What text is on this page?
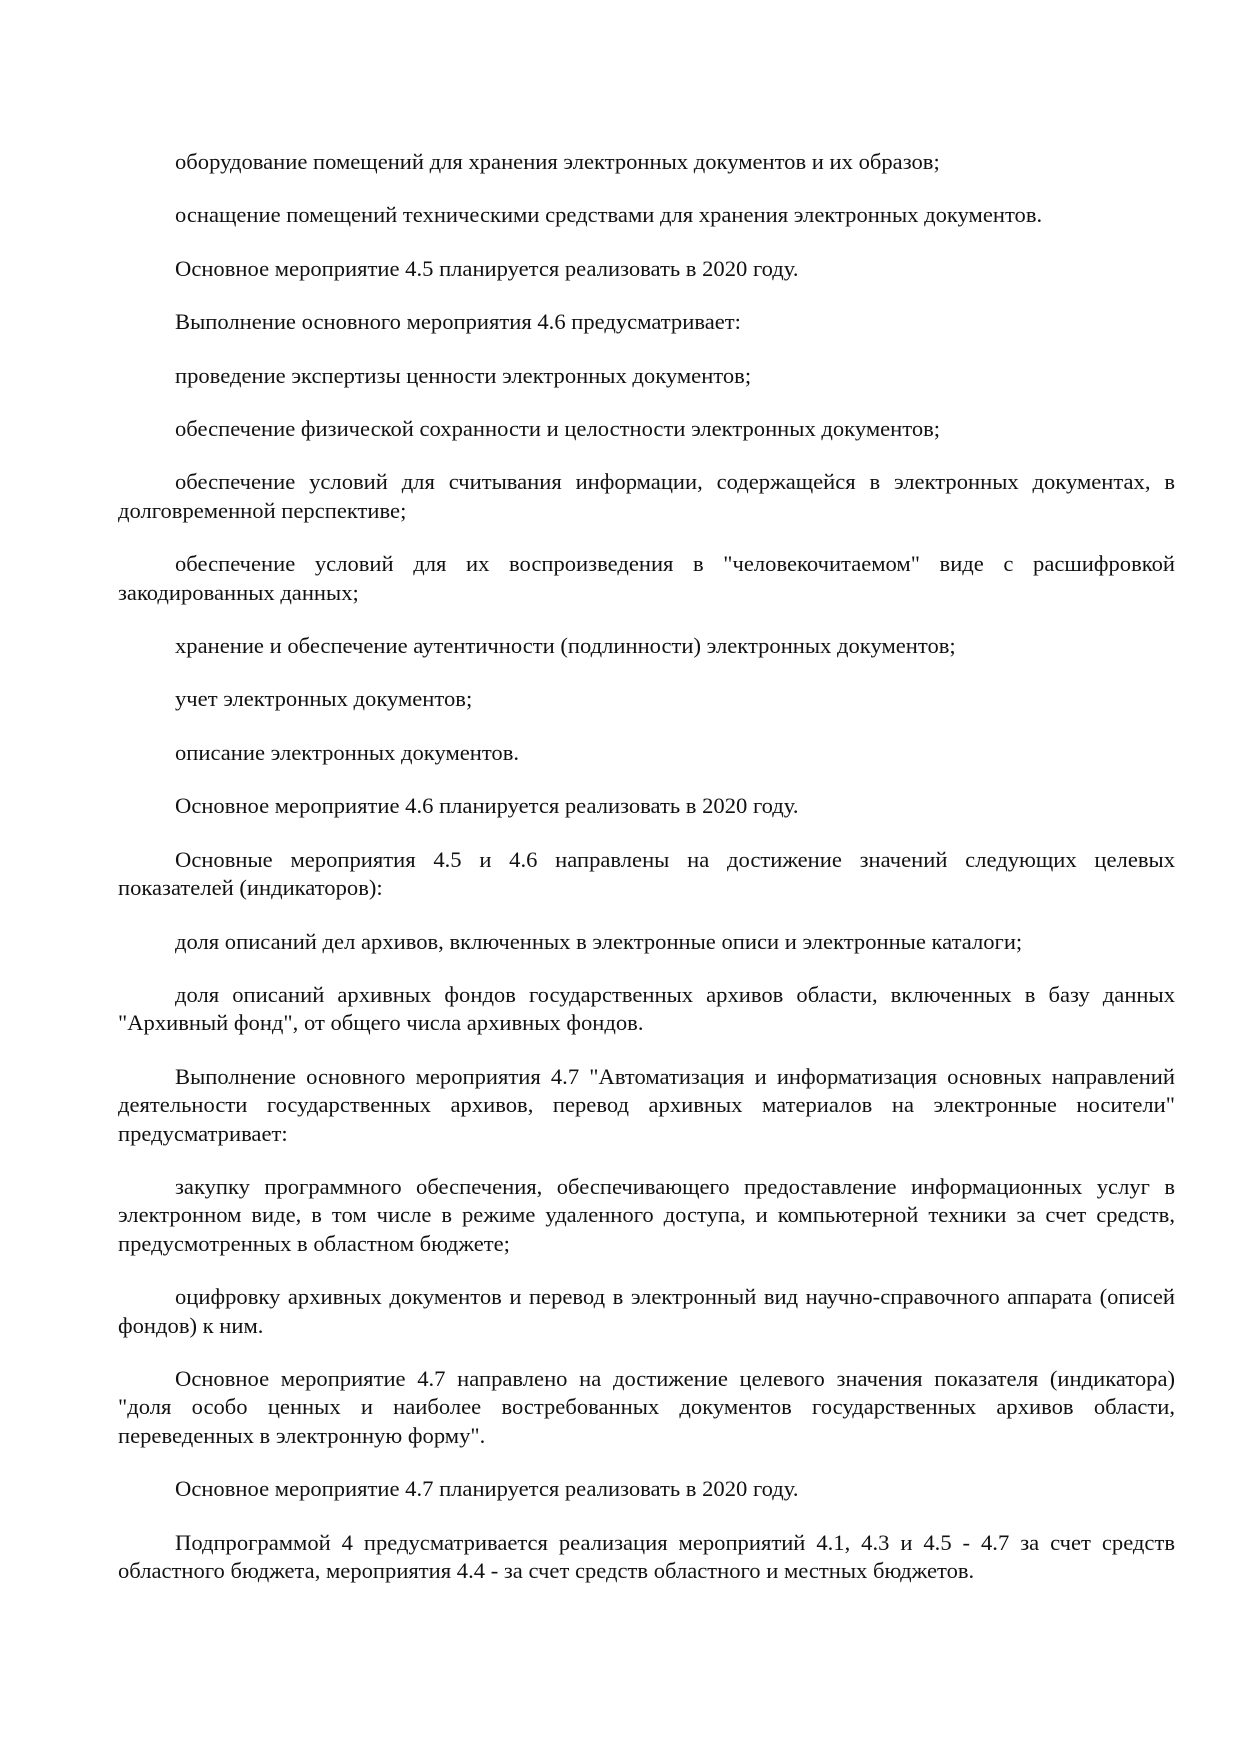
оборудование помещений для хранения электронных документов и их образов;

оснащение помещений техническими средствами для хранения электронных документов.

Основное мероприятие 4.5 планируется реализовать в 2020 году.

Выполнение основного мероприятия 4.6 предусматривает:

проведение экспертизы ценности электронных документов;

обеспечение физической сохранности и целостности электронных документов;

обеспечение условий для считывания информации, содержащейся в электронных документах, в долговременной перспективе;

обеспечение условий для их воспроизведения в "человекочитаемом" виде с расшифровкой закодированных данных;

хранение и обеспечение аутентичности (подлинности) электронных документов;

учет электронных документов;

описание электронных документов.

Основное мероприятие 4.6 планируется реализовать в 2020 году.

Основные мероприятия 4.5 и 4.6 направлены на достижение значений следующих целевых показателей (индикаторов):

доля описаний дел архивов, включенных в электронные описи и электронные каталоги;

доля описаний архивных фондов государственных архивов области, включенных в базу данных "Архивный фонд", от общего числа архивных фондов.

Выполнение основного мероприятия 4.7 "Автоматизация и информатизация основных направлений деятельности государственных архивов, перевод архивных материалов на электронные носители" предусматривает:

закупку программного обеспечения, обеспечивающего предоставление информационных услуг в электронном виде, в том числе в режиме удаленного доступа, и компьютерной техники за счет средств, предусмотренных в областном бюджете;

оцифровку архивных документов и перевод в электронный вид научно-справочного аппарата (описей фондов) к ним.

Основное мероприятие 4.7 направлено на достижение целевого значения показателя (индикатора) "доля особо ценных и наиболее востребованных документов государственных архивов области, переведенных в электронную форму".

Основное мероприятие 4.7 планируется реализовать в 2020 году.

Подпрограммой 4 предусматривается реализация мероприятий 4.1, 4.3 и 4.5 - 4.7 за счет средств областного бюджета, мероприятия 4.4 - за счет средств областного и местных бюджетов.
